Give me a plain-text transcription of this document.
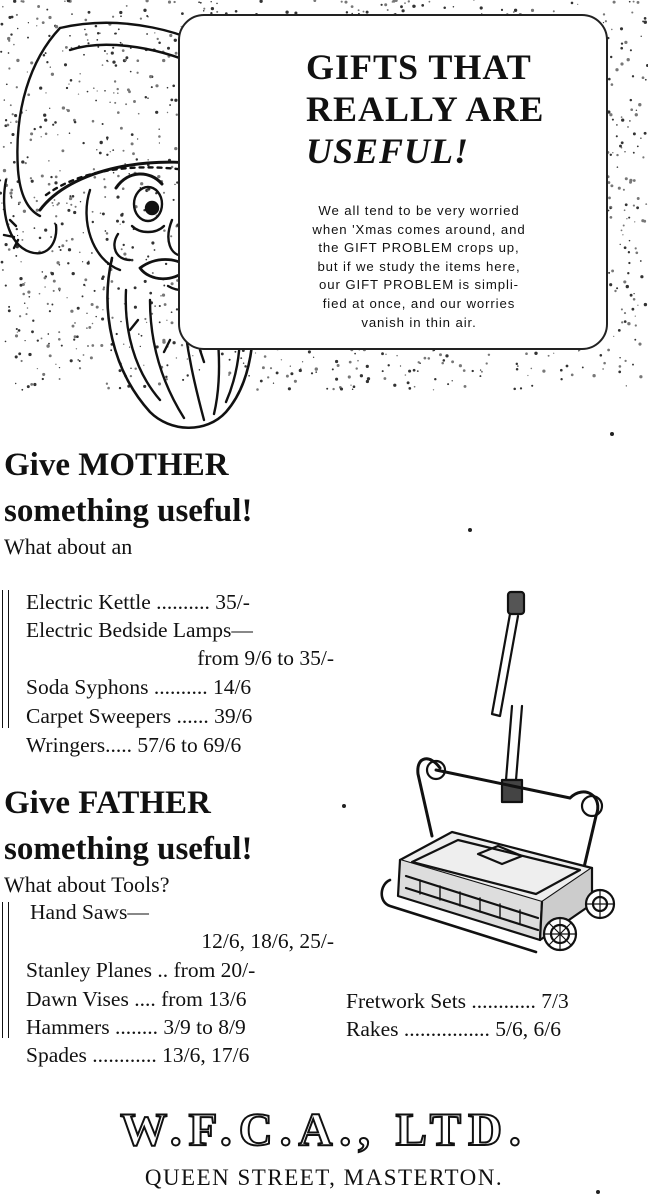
GIFTS THAT
REALLY ARE
USEFUL!
We all tend to be very worried
when 'Xmas comes around, and
the GIFT PROBLEM crops up,
but if we study the items here,
our GIFT PROBLEM is simpli-
fied at once, and our worries
vanish in thin air.
Give MOTHER
something useful!
What about an
Electric Kettle .......... 35/-
Electric Bedside Lamps—
from 9/6 to 35/-
Soda Syphons .......... 14/6
Carpet Sweepers ...... 39/6
Wringers..... 57/6 to 69/6
Give FATHER
something useful!
What about Tools?
Hand Saws—
12/6, 18/6, 25/-
Stanley Planes .. from 20/-
Dawn Vises .... from 13/6
Hammers ........ 3/9 to 8/9
Spades ............ 13/6, 17/6
Fretwork Sets ............ 7/3
Rakes ................ 5/6, 6/6
W.F.C.A., LTD.
QUEEN STREET, MASTERTON.
